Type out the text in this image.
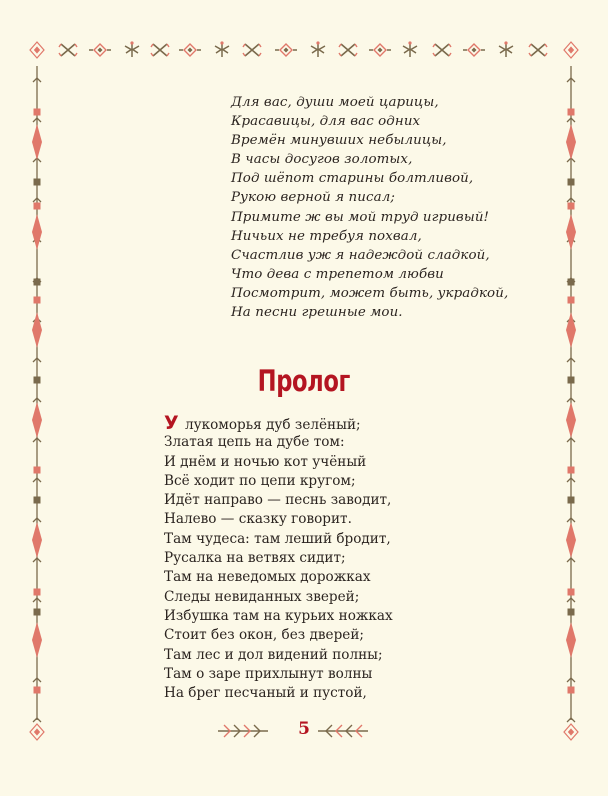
Для вас, души моей царицы,
Красавицы, для вас одних
Времён минувших небылицы,
В часы досугов золотых,
Под шёпот старины болтливой,
Рукою верной я писал;
Примите ж вы мой труд игривый!
Ничьих не требуя похвал,
Счастлив уж я надеждой сладкой,
Что дева с трепетом любви
Посмотрит, может быть, украдкой,
На песни грешные мои.
Пролог
У лукоморья дуб зелёный;
Златая цепь на дубе том:
И днём и ночью кот учёный
Всё ходит по цепи кругом;
Идёт направо — песнь заводит,
Налево — сказку говорит.
Там чудеса: там леший бродит,
Русалка на ветвях сидит;
Там на неведомых дорожках
Следы невиданных зверей;
Избушка там на курьих ножках
Стоит без окон, без дверей;
Там лес и дол видений полны;
Там о заре прихлынут волны
На брег песчаный и пустой,
5
